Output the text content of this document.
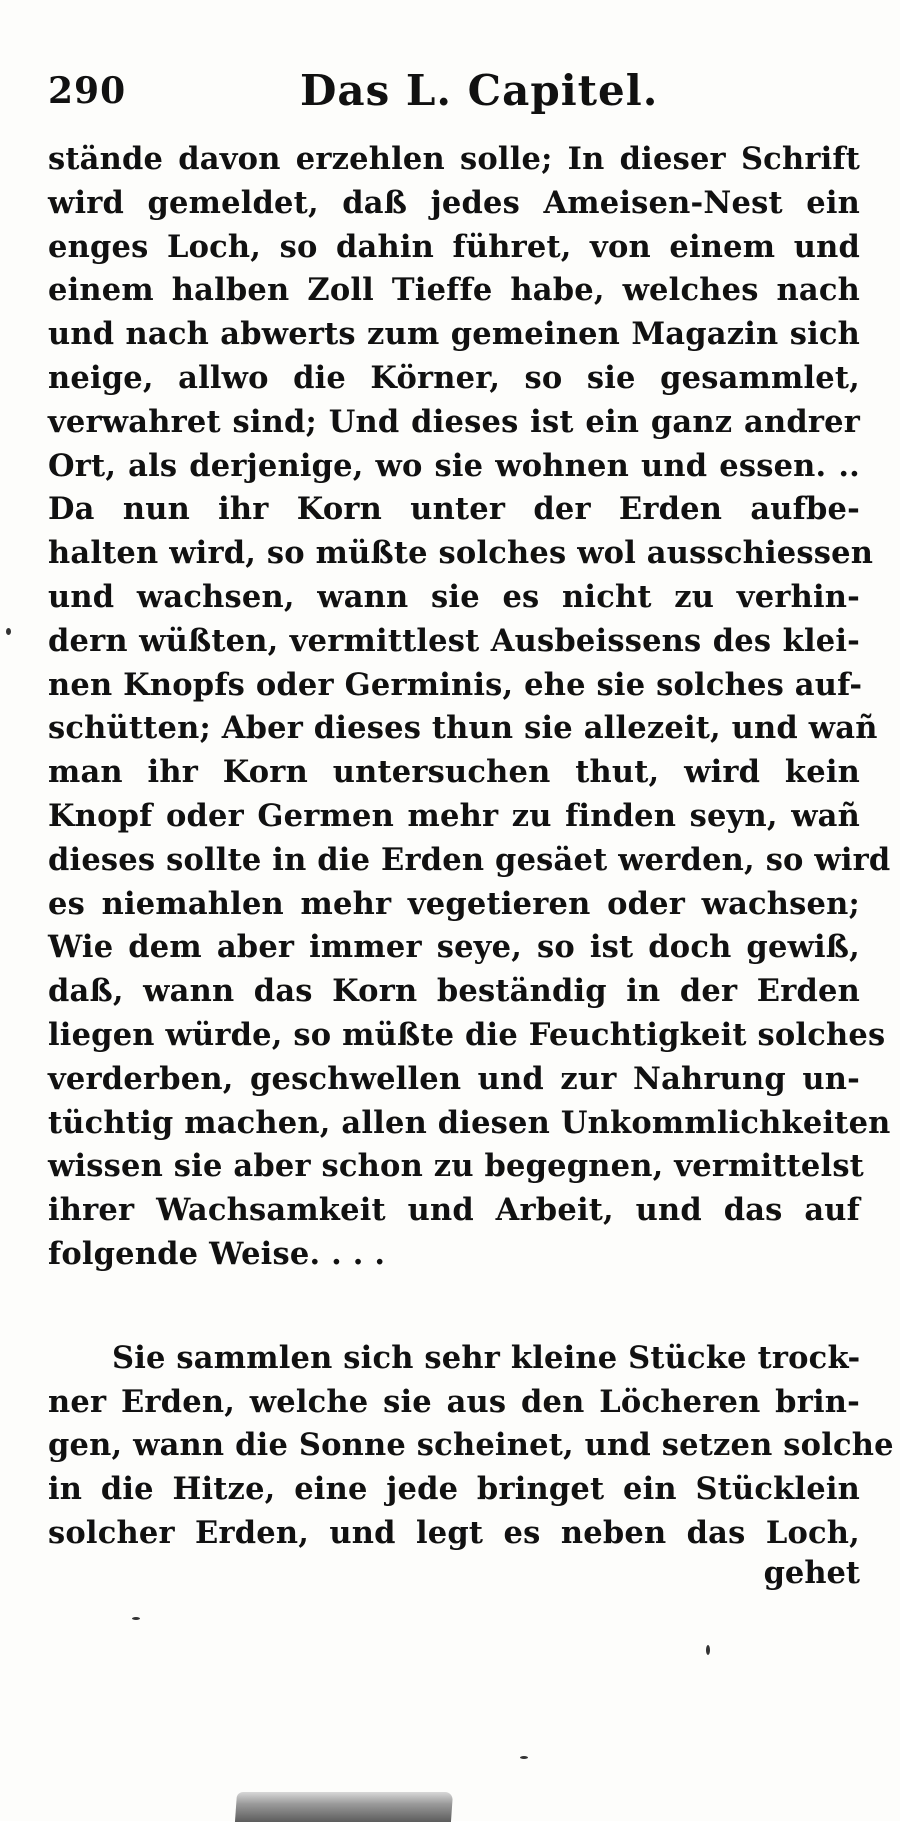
290	Das L. Capitel.
stände davon erzehlen solle; In dieser Schrift
wird gemeldet, daß jedes Ameisen-Nest ein
enges Loch, so dahin führet, von einem und
einem halben Zoll Tieffe habe, welches nach
und nach abwerts zum gemeinen Magazin sich
neige, allwo die Körner, so sie gesammlet,
verwahret sind; Und dieses ist ein ganz andrer
Ort, als derjenige, wo sie wohnen und essen. ..
Da nun ihr Korn unter der Erden aufbe-
halten wird, so müßte solches wol ausschiessen
und wachsen, wann sie es nicht zu verhin-
dern wüßten, vermittlest Ausbeissens des klei-
nen Knopfs oder Germinis, ehe sie solches auf-
schütten; Aber dieses thun sie allezeit, und wañ
man ihr Korn untersuchen thut, wird kein
Knopf oder Germen mehr zu finden seyn, wañ
dieses sollte in die Erden gesäet werden, so wird
es niemahlen mehr vegetieren oder wachsen;
Wie dem aber immer seye, so ist doch gewiß,
daß, wann das Korn beständig in der Erden
liegen würde, so müßte die Feuchtigkeit solches
verderben, geschwellen und zur Nahrung un-
tüchtig machen, allen diesen Unkommlichkeiten
wissen sie aber schon zu begegnen, vermittelst
ihrer Wachsamkeit und Arbeit, und das auf
folgende Weise. . . .
Sie sammlen sich sehr kleine Stücke trock-
ner Erden, welche sie aus den Löcheren brin-
gen, wann die Sonne scheinet, und setzen solche
in die Hitze, eine jede bringet ein Stücklein
solcher Erden, und legt es neben das Loch,
gehet
